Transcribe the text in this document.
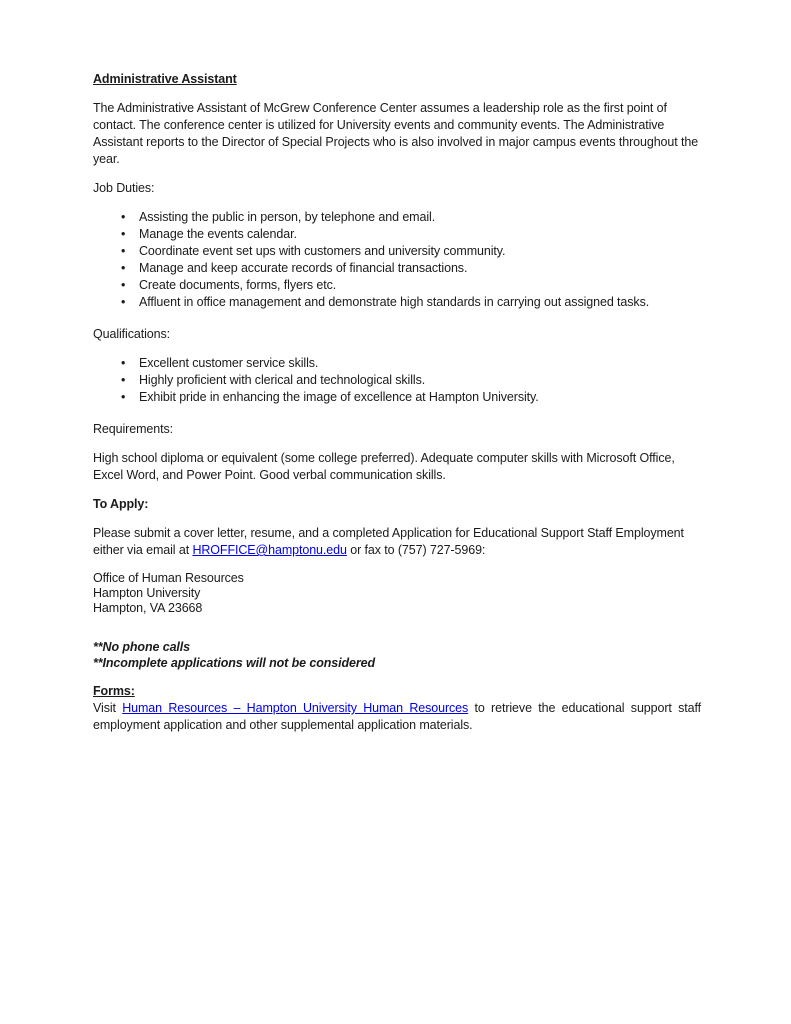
Administrative Assistant

The Administrative Assistant of McGrew Conference Center assumes a leadership role as the first point of contact. The conference center is utilized for University events and community events. The Administrative Assistant reports to the Director of Special Projects who is also involved in major campus events throughout the year.

Job Duties:

• Assisting the public in person, by telephone and email.
• Manage the events calendar.
• Coordinate event set ups with customers and university community.
• Manage and keep accurate records of financial transactions.
• Create documents, forms, flyers etc.
• Affluent in office management and demonstrate high standards in carrying out assigned tasks.

Qualifications:

• Excellent customer service skills.
• Highly proficient with clerical and technological skills.
• Exhibit pride in enhancing the image of excellence at Hampton University.

Requirements:

High school diploma or equivalent (some college preferred). Adequate computer skills with Microsoft Office, Excel Word, and Power Point. Good verbal communication skills.

To Apply:

Please submit a cover letter, resume, and a completed Application for Educational Support Staff Employment either via email at HROFFICE@hamptonu.edu or fax to (757) 727-5969:

Office of Human Resources
Hampton University
Hampton, VA 23668

**No phone calls
**Incomplete applications will not be considered

Forms:

Visit Human Resources – Hampton University Human Resources to retrieve the educational support staff employment application and other supplemental application materials.
